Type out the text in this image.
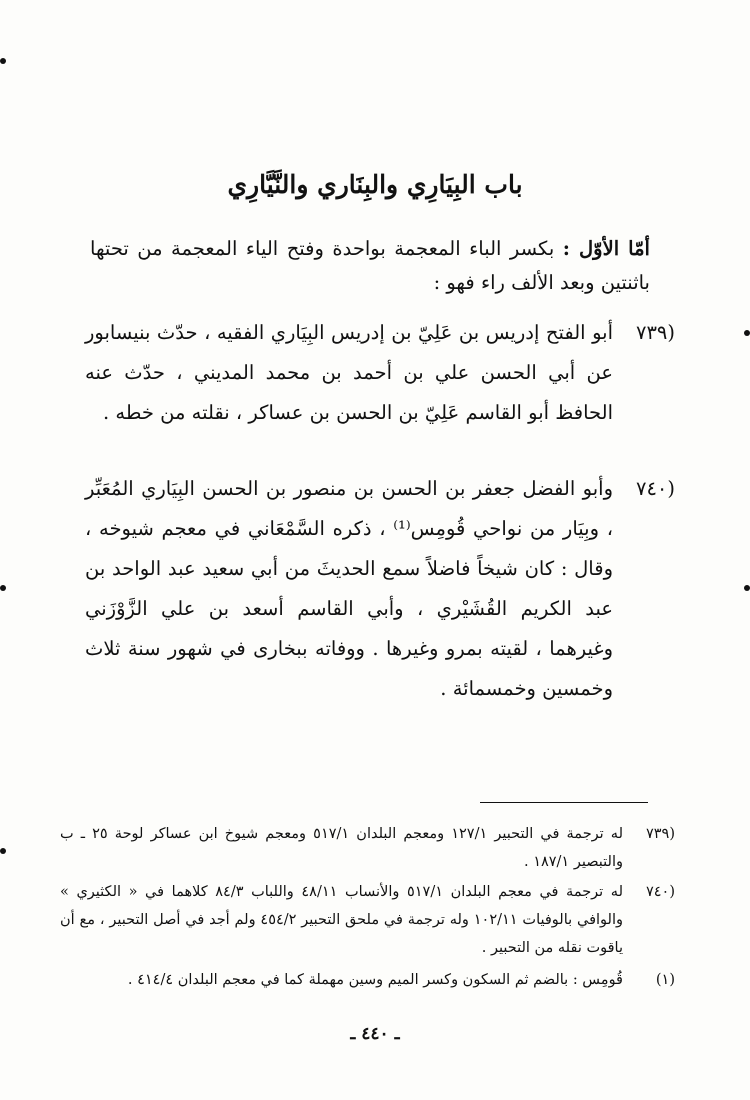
باب البِيَارِي والبِنَاري والنَّيَّارِي
أمّا الأوّل : بكسر الباء المعجمة بواحدة وفتح الياء المعجمة من تحتها باثنتين وبعد الألف راء فهو :
(٧٣٩
أبو الفتح إدريس بن عَلِيّ بن إدريس البِيَاري الفقيه ، حدّث بنيسابور عن أبي الحسن علي بن أحمد بن محمد المديني ، حدّث عنه الحافظ أبو القاسم عَلِيّ بن الحسن بن عساكر ، نقلته من خطه .
(٧٤٠
وأبو الفضل جعفر بن الحسن بن منصور بن الحسن البِيَاري المُعَبِّر ، وبِيَار من نواحي قُومِس⁽¹⁾ ، ذكره السَّمْعَاني في معجم شيوخه ، وقال : كان شيخاً فاضلاً سمع الحديثَ من أبي سعيد عبد الواحد بن عبد الكريم القُشَيْري ، وأبي القاسم أسعد بن علي الزَّوْزَني وغيرهما ، لقيته بمرو وغيرها . ووفاته ببخارى في شهور سنة ثلاث وخمسين وخمسمائة .
(٧٣٩
له ترجمة في التحبير ١٢٧/١ ومعجم البلدان ٥١٧/١ ومعجم شيوخ ابن عساكر لوحة ٢٥ ـ ب والتبصير ١٨٧/١ .
(٧٤٠
له ترجمة في معجم البلدان ٥١٧/١ والأنساب ٤٨/١١ واللباب ٨٤/٣ كلاهما في « الكثيري » والوافي بالوفيات ١٠٢/١١ وله ترجمة في ملحق التحبير ٤٥٤/٢ ولم أجد في أصل التحبير ، مع أن ياقوت نقله من التحبير .
(١)
قُومِس : بالضم ثم السكون وكسر الميم وسين مهملة كما في معجم البلدان ٤١٤/٤ .
ـ ٤٤٠ ـ
